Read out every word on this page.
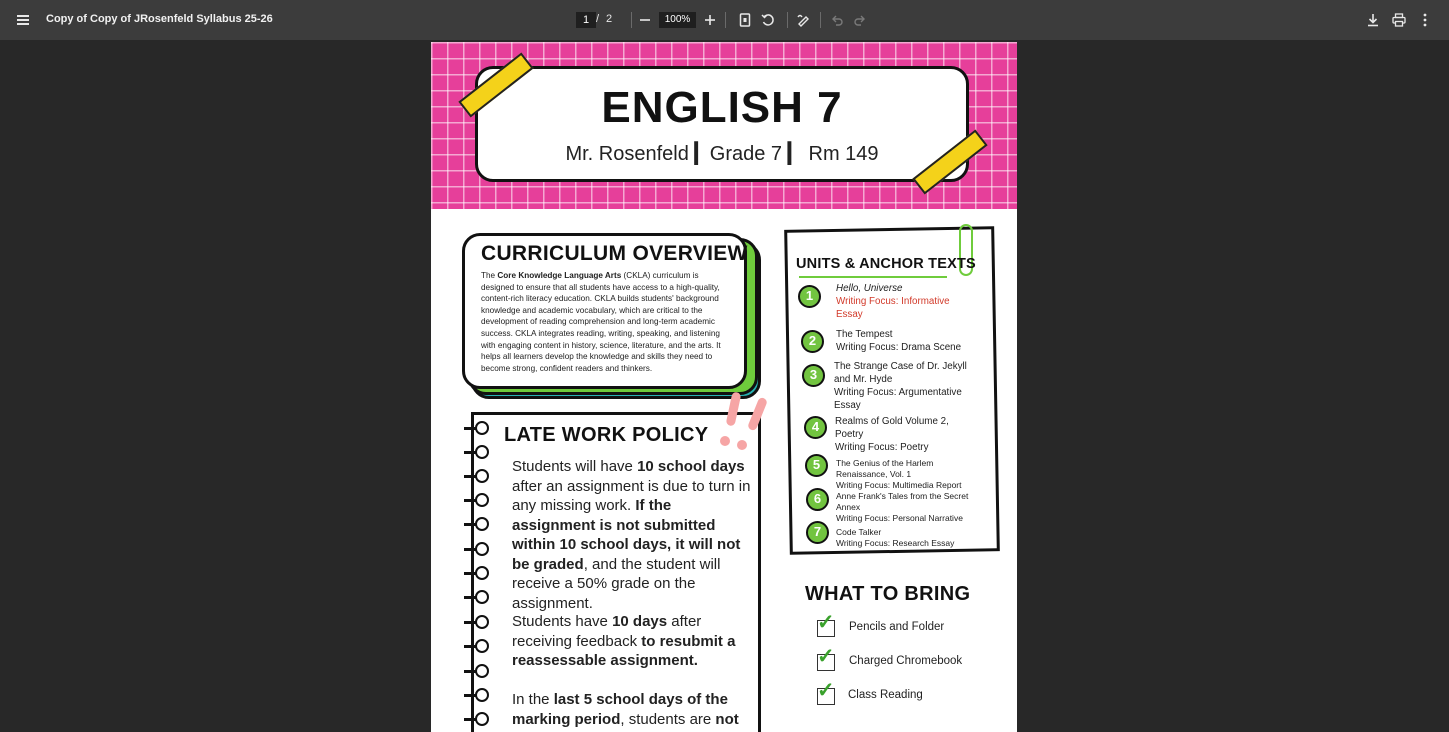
Copy of Copy of JRosenfeld Syllabus 25-26	1 / 2	100%
ENGLISH 7
Mr. Rosenfeld ▎Grade 7 ▎ Rm 149
CURRICULUM OVERVIEW
The Core Knowledge Language Arts (CKLA) curriculum is designed to ensure that all students have access to a high-quality, content-rich literacy education. CKLA builds students' background knowledge and academic vocabulary, which are critical to the development of reading comprehension and long-term academic success. CKLA integrates reading, writing, speaking, and listening with engaging content in history, science, literature, and the arts. It helps all learners develop the knowledge and skills they need to become strong, confident readers and thinkers.
LATE WORK POLICY
Students will have 10 school days after an assignment is due to turn in any missing work. If the assignment is not submitted within 10 school days, it will not be graded, and the student will receive a 50% grade on the assignment.
Students have 10 days after receiving feedback to resubmit a reassessable assignment.
In the last 5 school days of the marking period, students are not
UNITS & ANCHOR TEXTS
1	Hello, Universe
Writing Focus: Informative Essay
2	The Tempest
Writing Focus: Drama Scene
3
The Strange Case of Dr. Jekyll and Mr. Hyde
Writing Focus: Argumentative Essay
4	Realms of Gold Volume 2, Poetry
Writing Focus: Poetry
5	The Genius of the Harlem Renaissance, Vol. 1
Writing Focus: Multimedia Report
6	Anne Frank's Tales from the Secret Annex
Writing Focus: Personal Narrative
7	Code Talker
Writing Focus: Research Essay
WHAT TO BRING
✓ Pencils and Folder
✓ Charged Chromebook
✓ Class Reading
